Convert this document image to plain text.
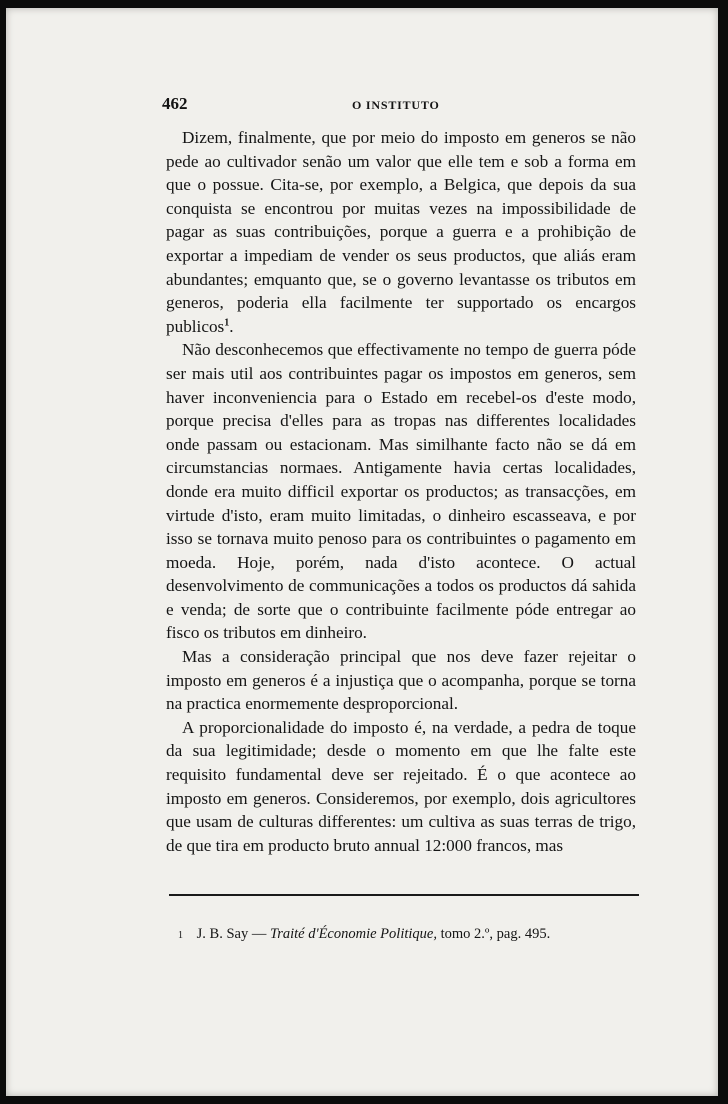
462	O INSTITUTO

Dizem, finalmente, que por meio do imposto em generos se não pede ao cultivador senão um valor que elle tem e sob a forma em que o possue. Cita-se, por exemplo, a Belgica, que depois da sua conquista se encontrou por muitas vezes na impossibilidade de pagar as suas contribuições, porque a guerra e a prohibição de exportar a impediam de vender os seus productos, que aliás eram abundantes; emquanto que, se o governo levantasse os tributos em generos, poderia ella facilmente ter supportado os encargos publicos$^1$.

Não desconhecemos que effectivamente no tempo de guerra póde ser mais util aos contribuintes pagar os impostos em generos, sem haver inconveniencia para o Estado em recebel-os d'este modo, porque precisa d'elles para as tropas nas differentes localidades onde passam ou estacionam. Mas similhante facto não se dá em circumstancias normaes. Antigamente havia certas localidades, donde era muito difficil exportar os productos; as transacções, em virtude d'isto, eram muito limitadas, o dinheiro escasseava, e por isso se tornava muito penoso para os contribuintes o pagamento em moeda. Hoje, porém, nada d'isto acontece. O actual desenvolvimento de communicações a todos os productos dá sahida e venda; de sorte que o contribuinte facilmente póde entregar ao fisco os tributos em dinheiro.

Mas a consideração principal que nos deve fazer rejeitar o imposto em generos é a injustiça que o acompanha, porque se torna na practica enormemente desproporcional.

A proporcionalidade do imposto é, na verdade, a pedra de toque da sua legitimidade; desde o momento em que lhe falte este requisito fundamental deve ser rejeitado. É o que acontece ao imposto em generos. Consideremos, por exemplo, dois agricultores que usam de culturas differentes: um cultiva as suas terras de trigo, de que tira em producto bruto annual 12:000 francos, mas

1 J. B. Say — Traité d'Économie Politique, tomo 2.º, pag. 495.
